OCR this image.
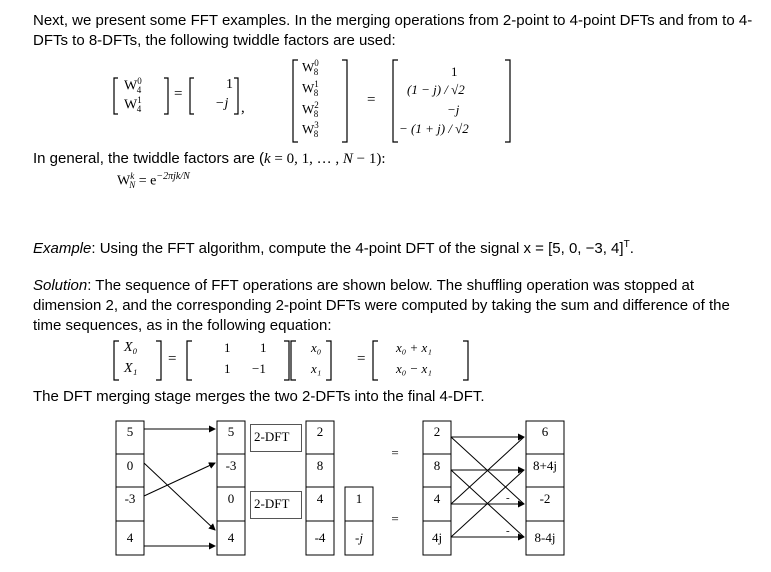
Next, we present some FFT examples. In the merging operations from 2-point to 4-point DFTs and from to 4-
DFTs to 8-DFTs, the following twiddle factors are used:
$W^0_4$
$W^1_4$
=
1
−j ,
$W^0_8$
$W^1_8$
$W^2_8$
$W^3_8$
=
1
(1 − j) / √2
−j
− (1 + j) / √2
In general, the twiddle factors are (k = 0, 1, … , N − 1):
$W^k_N = e^{-2\pi jk/N}$
Example: Using the FFT algorithm, compute the 4-point DFT of the signal x = [5, 0, −3, 4]$^T$.
Solution: The sequence of FFT operations are shown below. The shuffling operation was stopped at
dimension 2, and the corresponding 2-point DFTs were computed by taking the sum and difference of the
time sequences, as in the following equation:
X₀
X₁
=
1 1
1 −1
x₀
x₁
=
x₀ + x₁
x₀ − x₁
The DFT merging stage merges the two 2-DFTs into the final 4-DFT.
-
-
2-DFT
2-DFT
5
0
-3
4
5
-3
0
4
2
8
4
-4
1
-j
=
=
2
8
4
4j
6
8+4j
-2
8-4j
